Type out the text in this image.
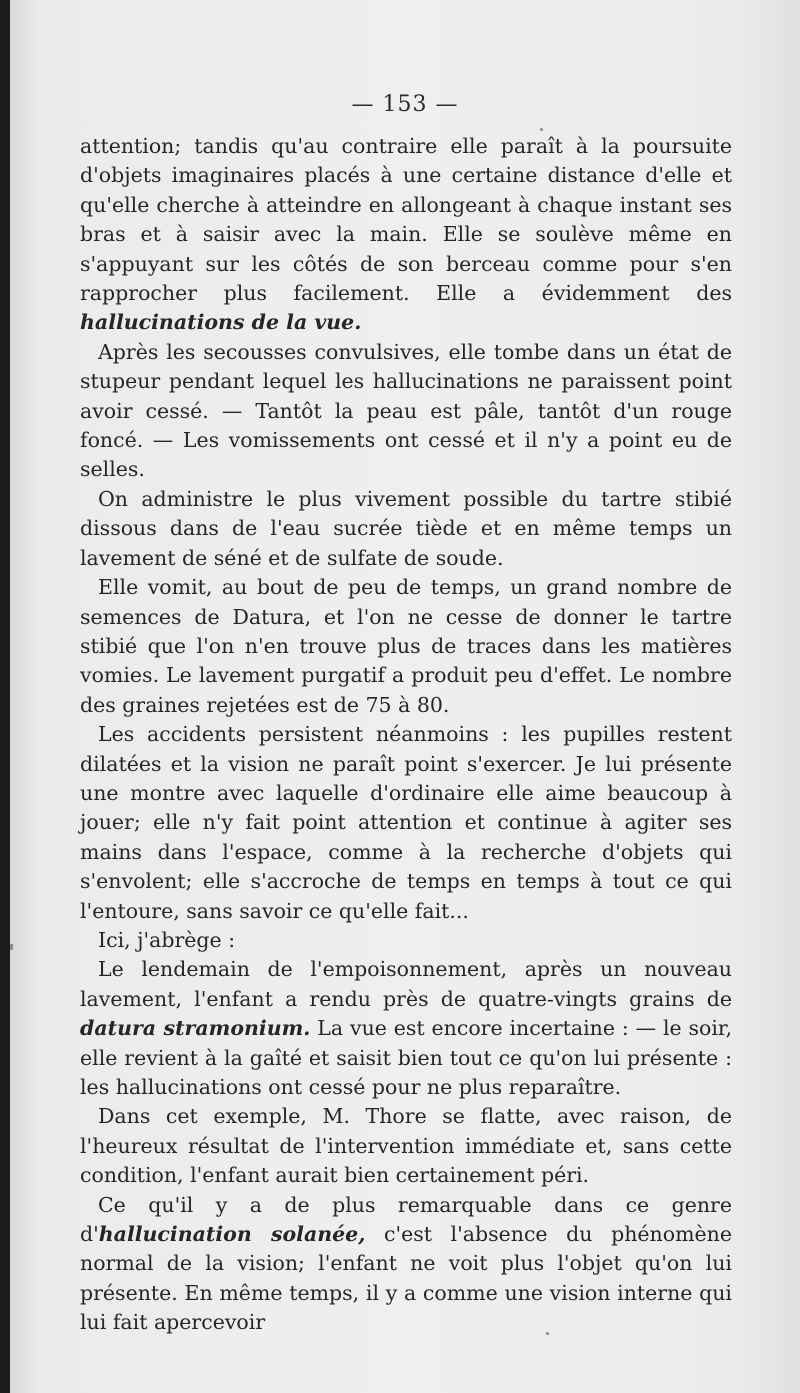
— 153 —

attention; tandis qu'au contraire elle paraît à la poursuite d'objets imaginaires placés à une certaine distance d'elle et qu'elle cherche à atteindre en allongeant à chaque instant ses bras et à saisir avec la main. Elle se soulève même en s'appuyant sur les côtés de son berceau comme pour s'en rapprocher plus facilement. Elle a évidemment des hallucinations de la vue.

Après les secousses convulsives, elle tombe dans un état de stupeur pendant lequel les hallucinations ne paraissent point avoir cessé. — Tantôt la peau est pâle, tantôt d'un rouge foncé. — Les vomissements ont cessé et il n'y a point eu de selles.

On administre le plus vivement possible du tartre stibié dissous dans de l'eau sucrée tiède et en même temps un lavement de séné et de sulfate de soude.

Elle vomit, au bout de peu de temps, un grand nombre de semences de Datura, et l'on ne cesse de donner le tartre stibié que l'on n'en trouve plus de traces dans les matières vomies. Le lavement purgatif a produit peu d'effet. Le nombre des graines rejetées est de 75 à 80.

Les accidents persistent néanmoins : les pupilles restent dilatées et la vision ne paraît point s'exercer. Je lui présente une montre avec laquelle d'ordinaire elle aime beaucoup à jouer; elle n'y fait point attention et continue à agiter ses mains dans l'espace, comme à la recherche d'objets qui s'envolent; elle s'accroche de temps en temps à tout ce qui l'entoure, sans savoir ce qu'elle fait...

Ici, j'abrège :

Le lendemain de l'empoisonnement, après un nouveau lavement, l'enfant a rendu près de quatre-vingts grains de datura stramonium. La vue est encore incertaine : — le soir, elle revient à la gaîté et saisit bien tout ce qu'on lui présente : les hallucinations ont cessé pour ne plus reparaître.

Dans cet exemple, M. Thore se flatte, avec raison, de l'heureux résultat de l'intervention immédiate et, sans cette condition, l'enfant aurait bien certainement péri.

Ce qu'il y a de plus remarquable dans ce genre d'hallucination solanée, c'est l'absence du phénomène normal de la vision; l'enfant ne voit plus l'objet qu'on lui présente. En même temps, il y a comme une vision interne qui lui fait apercevoir
